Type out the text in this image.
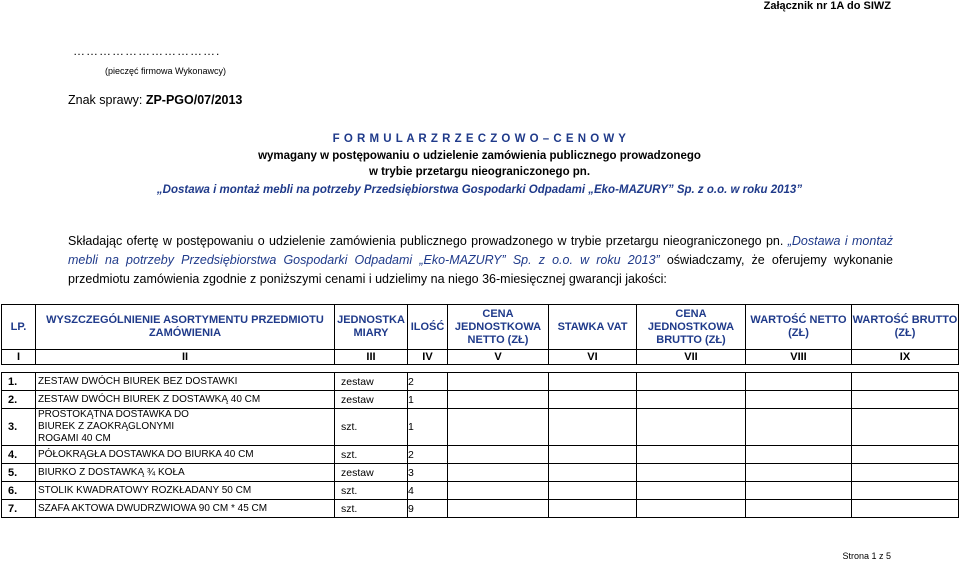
Załącznik nr 1A do SIWZ
…………………………….
(pieczęć firmowa Wykonawcy)
Znak sprawy: ZP-PGO/07/2013
F O R M U L A R Z R Z E C Z O W O – C E N O W Y
wymagany w postępowaniu o udzielenie zamówienia publicznego prowadzonego
w trybie przetargu nieograniczonego pn.
„Dostawa i montaż mebli na potrzeby Przedsiębiorstwa Gospodarki Odpadami „Eko-MAZURY” Sp. z o.o. w roku 2013”
Składając ofertę w postępowaniu o udzielenie zamówienia publicznego prowadzonego w trybie przetargu nieograniczonego pn. „Dostawa i montaż mebli na potrzeby Przedsiębiorstwa Gospodarki Odpadami „Eko-MAZURY” Sp. z o.o. w roku 2013” oświadczamy, że oferujemy wykonanie przedmiotu zamówienia zgodnie z poniższymi cenami i udzielimy na niego 36-miesięcznej gwarancji jakości:
LP.	WYSZCZEGÓLNIENIE ASORTYMENTU PRZEDMIOTU ZAMÓWIENIA	JEDNOSTKA MIARY	ILOŚĆ	CENA JEDNOSTKOWA NETTO (ZŁ)	STAWKA VAT	CENA JEDNOSTKOWA BRUTTO (ZŁ)	WARTOŚĆ NETTO (ZŁ)	WARTOŚĆ BRUTTO (ZŁ)
I	II	III	IV	V	VI	VII	VIII	IX

1.	ZESTAW DWÓCH BIUREK BEZ DOSTAWKI	zestaw	2					
2.	ZESTAW DWÓCH BIUREK Z DOSTAWKĄ 40 CM	zestaw	1					
3.	PROSTOKĄTNA DOSTAWKA DO BIUREK Z ZAOKRĄGLONYMI ROGAMI 40 CM	szt.	1					
4.	PÓŁOKRĄGŁA DOSTAWKA DO BIURKA 40 CM	szt.	2					
5.	BIURKO Z DOSTAWKĄ ¾ KOŁA	zestaw	3					
6.	STOLIK KWADRATOWY ROZKŁADANY 50 CM	szt.	4					
7.	SZAFA AKTOWA DWUDRZWIOWA 90 CM * 45 CM	szt.	9					
Strona 1 z 5
